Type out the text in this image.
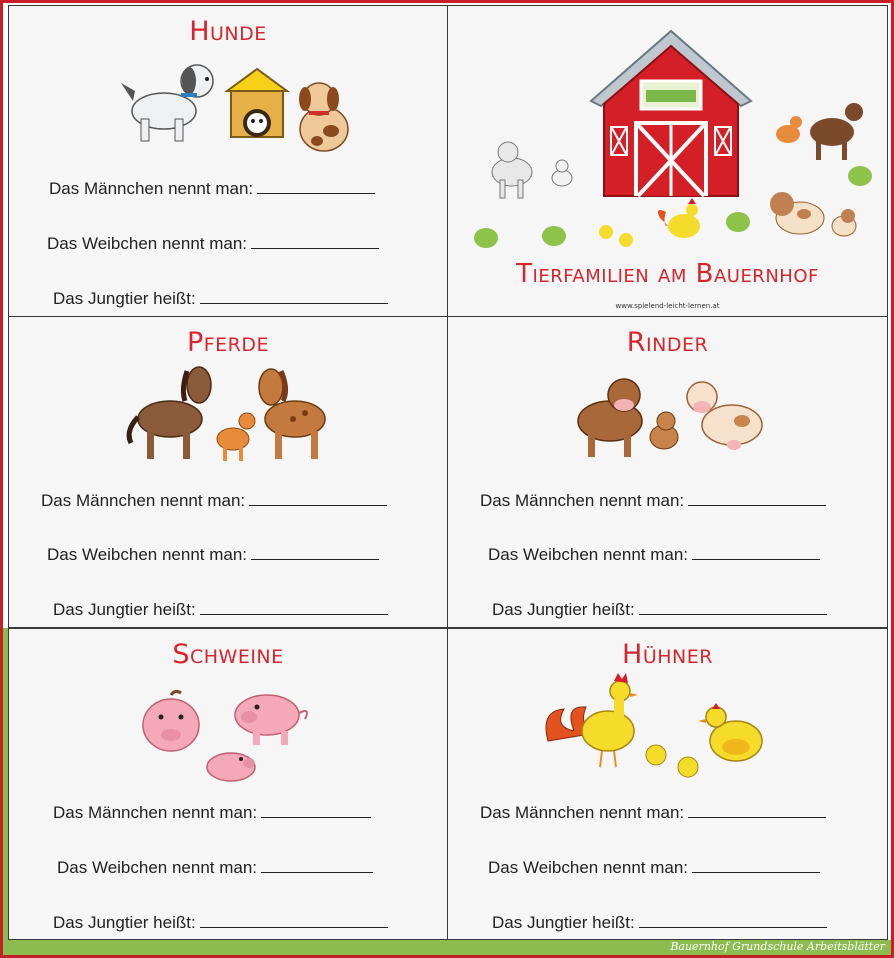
Bauernhof Grundschule Arbeitsblätter
Hunde
Das Männchen nennt man:
Das Weibchen nennt man:
Das Jungtier heißt:
Tierfamilien am Bauernhof
www.spielend-leicht-lernen.at
Pferde
Das Männchen nennt man:
Das Weibchen nennt man:
Das Jungtier heißt:
Rinder
Das Männchen nennt man:
Das Weibchen nennt man:
Das Jungtier heißt:
Schweine
Das Männchen nennt man:
Das Weibchen nennt man:
Das Jungtier heißt:
Hühner
Das Männchen nennt man:
Das Weibchen nennt man:
Das Jungtier heißt:
